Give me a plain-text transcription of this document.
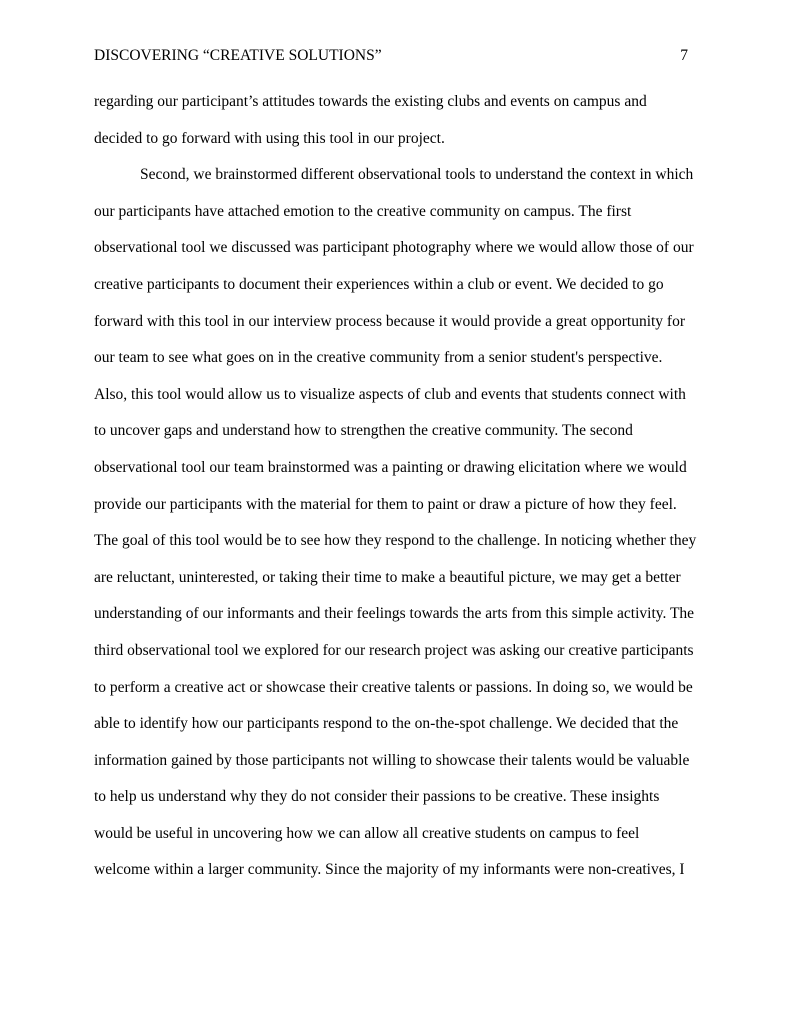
DISCOVERING “CREATIVE SOLUTIONS”	7
regarding our participant’s attitudes towards the existing clubs and events on campus and
decided to go forward with using this tool in our project.
Second, we brainstormed different observational tools to understand the context in which
our participants have attached emotion to the creative community on campus. The first
observational tool we discussed was participant photography where we would allow those of our
creative participants to document their experiences within a club or event. We decided to go
forward with this tool in our interview process because it would provide a great opportunity for
our team to see what goes on in the creative community from a senior student's perspective.
Also, this tool would allow us to visualize aspects of club and events that students connect with
to uncover gaps and understand how to strengthen the creative community. The second
observational tool our team brainstormed was a painting or drawing elicitation where we would
provide our participants with the material for them to paint or draw a picture of how they feel.
The goal of this tool would be to see how they respond to the challenge. In noticing whether they
are reluctant, uninterested, or taking their time to make a beautiful picture, we may get a better
understanding of our informants and their feelings towards the arts from this simple activity. The
third observational tool we explored for our research project was asking our creative participants
to perform a creative act or showcase their creative talents or passions. In doing so, we would be
able to identify how our participants respond to the on-the-spot challenge. We decided that the
information gained by those participants not willing to showcase their talents would be valuable
to help us understand why they do not consider their passions to be creative. These insights
would be useful in uncovering how we can allow all creative students on campus to feel
welcome within a larger community. Since the majority of my informants were non-creatives, I
